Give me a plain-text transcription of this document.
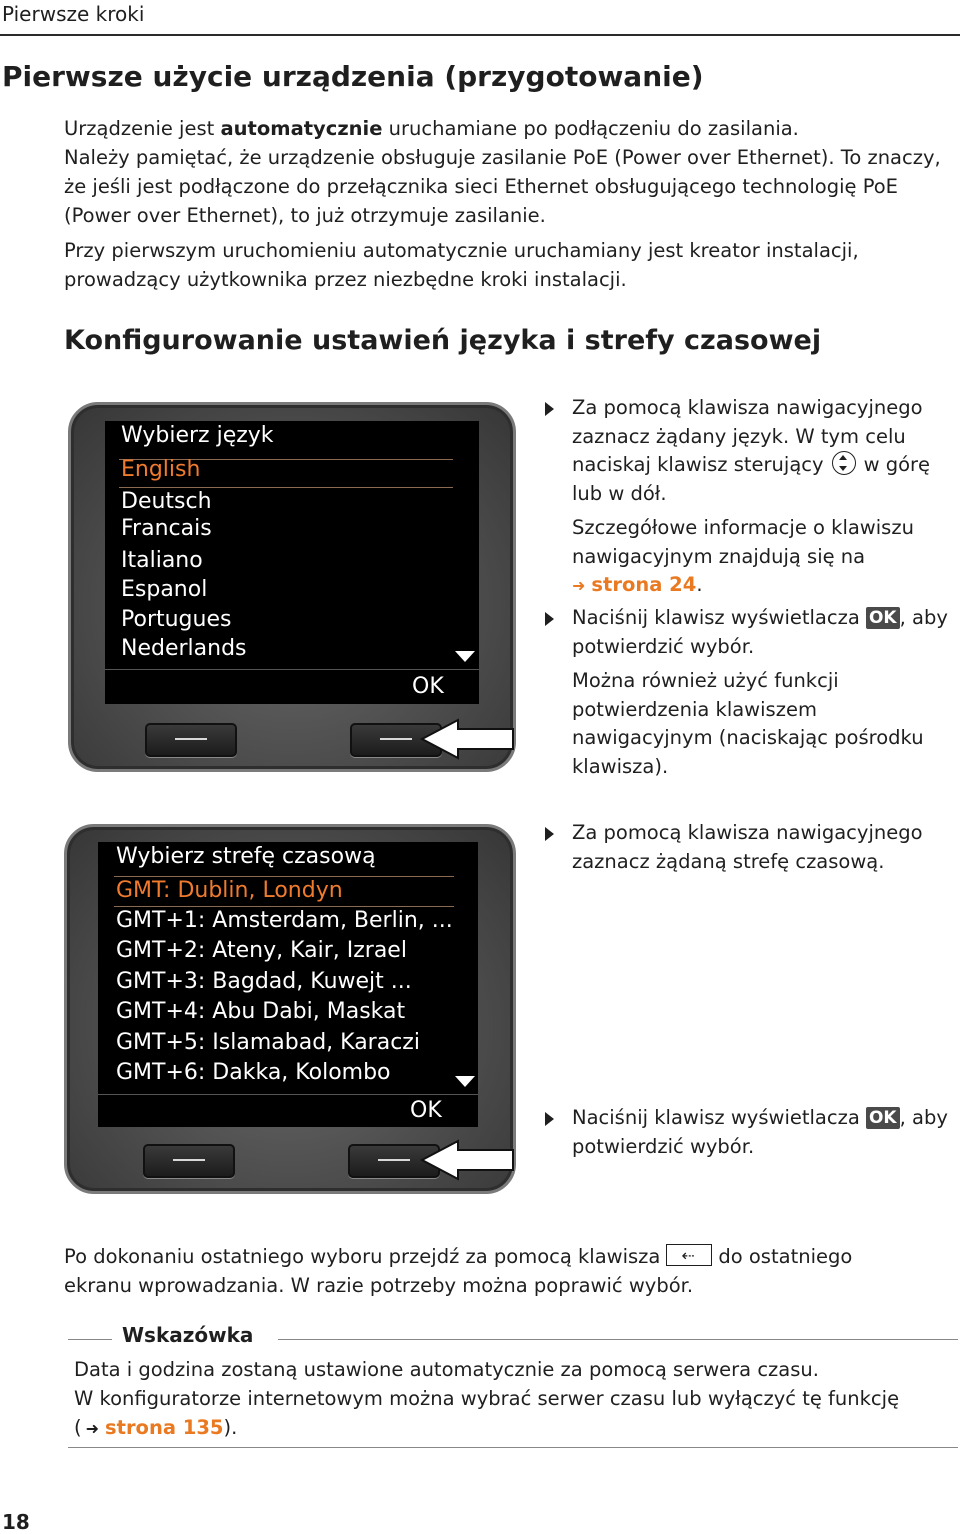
Pierwsze kroki
Pierwsze użycie urządzenia (przygotowanie)
Urządzenie jest automatycznie uruchamiane po podłączeniu do zasilania.
Należy pamiętać, że urządzenie obsługuje zasilanie PoE (Power over Ethernet). To znaczy,
że jeśli jest podłączone do przełącznika sieci Ethernet obsługującego technologię PoE
(Power over Ethernet), to już otrzymuje zasilanie.
Przy pierwszym uruchomieniu automatycznie uruchamiany jest kreator instalacji,
prowadzący użytkownika przez niezbędne kroki instalacji.
Konfigurowanie ustawień języka i strefy czasowej
Wybierz język
English
Deutsch
Francais
Italiano
Espanol
Portugues
Nederlands
OK
Wybierz strefę czasową
GMT: Dublin, Londyn
GMT+1: Amsterdam, Berlin, ...
GMT+2: Ateny, Kair, Izrael
GMT+3: Bagdad, Kuwejt ...
GMT+4: Abu Dabi, Maskat
GMT+5: Islamabad, Karaczi
GMT+6: Dakka, Kolombo
OK
Za pomocą klawisza nawigacyjnego
zaznacz żądany język. W tym celu
naciskaj klawisz sterujący w górę
lub w dół.
Szczegółowe informacje o klawiszu
nawigacyjnym znajdują się na
➜ strona 24.
Naciśnij klawisz wyświetlacza OK , aby
potwierdzić wybór.
Można również użyć funkcji
potwierdzenia klawiszem
nawigacyjnym (naciskając pośrodku
klawisza).
Za pomocą klawisza nawigacyjnego
zaznacz żądaną strefę czasową.
Naciśnij klawisz wyświetlacza OK , aby
potwierdzić wybór.
Po dokonaniu ostatniego wyboru przejdź za pomocą klawisza ⇠ do ostatniego
ekranu wprowadzania. W razie potrzeby można poprawić wybór.
Wskazówka
Data i godzina zostaną ustawione automatycznie za pomocą serwera czasu.
W konfiguratorze internetowym można wybrać serwer czasu lub wyłączyć tę funkcję
( ➜ strona 135).
18
